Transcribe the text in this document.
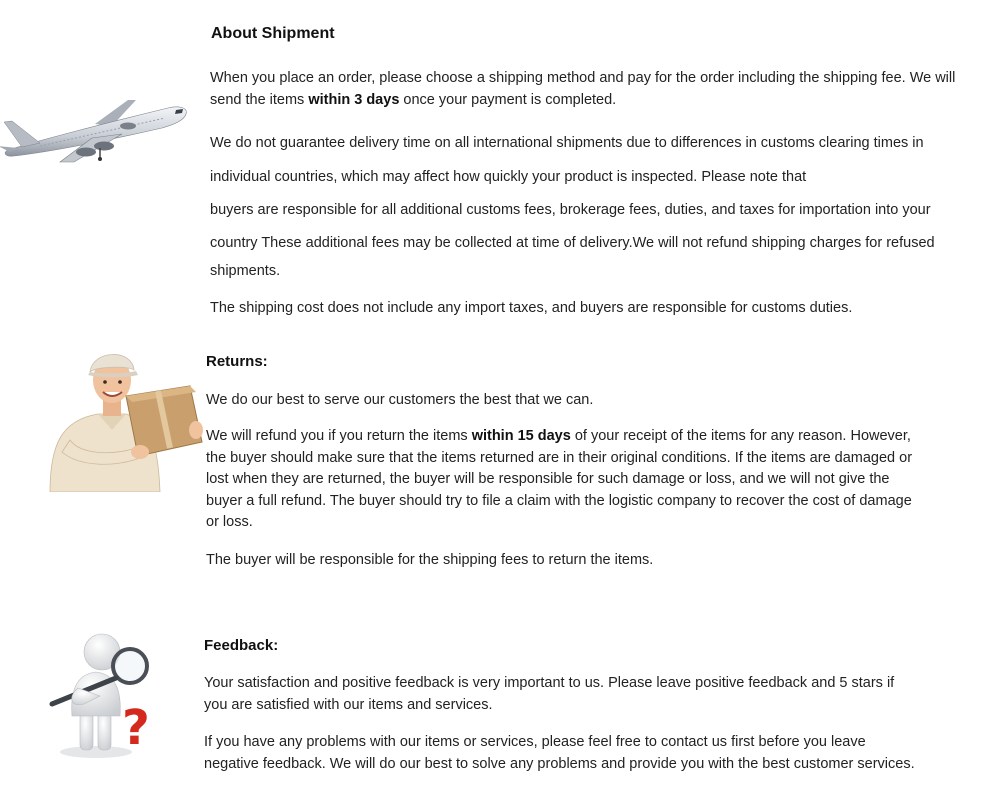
About Shipment

When you place an order, please choose a shipping method and pay for the order including the shipping fee. We will send the items within 3 days once your payment is completed.

We do not guarantee delivery time on all international shipments due to differences in customs clearing times in
individual countries, which may affect how quickly your product is inspected. Please note that
buyers are responsible for all additional customs fees, brokerage fees, duties, and taxes for importation into your
country These additional fees may be collected at time of delivery.We will not refund shipping charges for refused
shipments.
The shipping cost does not include any import taxes, and buyers are responsible for customs duties.
Returns:
We do our best to serve our customers the best that we can.

We will refund you if you return the items within 15 days of your receipt of the items for any reason. However, the buyer should make sure that the items returned are in their original conditions. If the items are damaged or lost when they are returned, the buyer will be responsible for such damage or loss, and we will not give the buyer a full refund. The buyer should try to file a claim with the logistic company to recover the cost of damage or loss.

The buyer will be responsible for the shipping fees to return the items.
?
Feedback:

Your satisfaction and positive feedback is very important to us. Please leave positive feedback and 5 stars if you are satisfied with our items and services.

If you have any problems with our items or services, please feel free to contact us first before you leave negative feedback. We will do our best to solve any problems and provide you with the best customer services.
